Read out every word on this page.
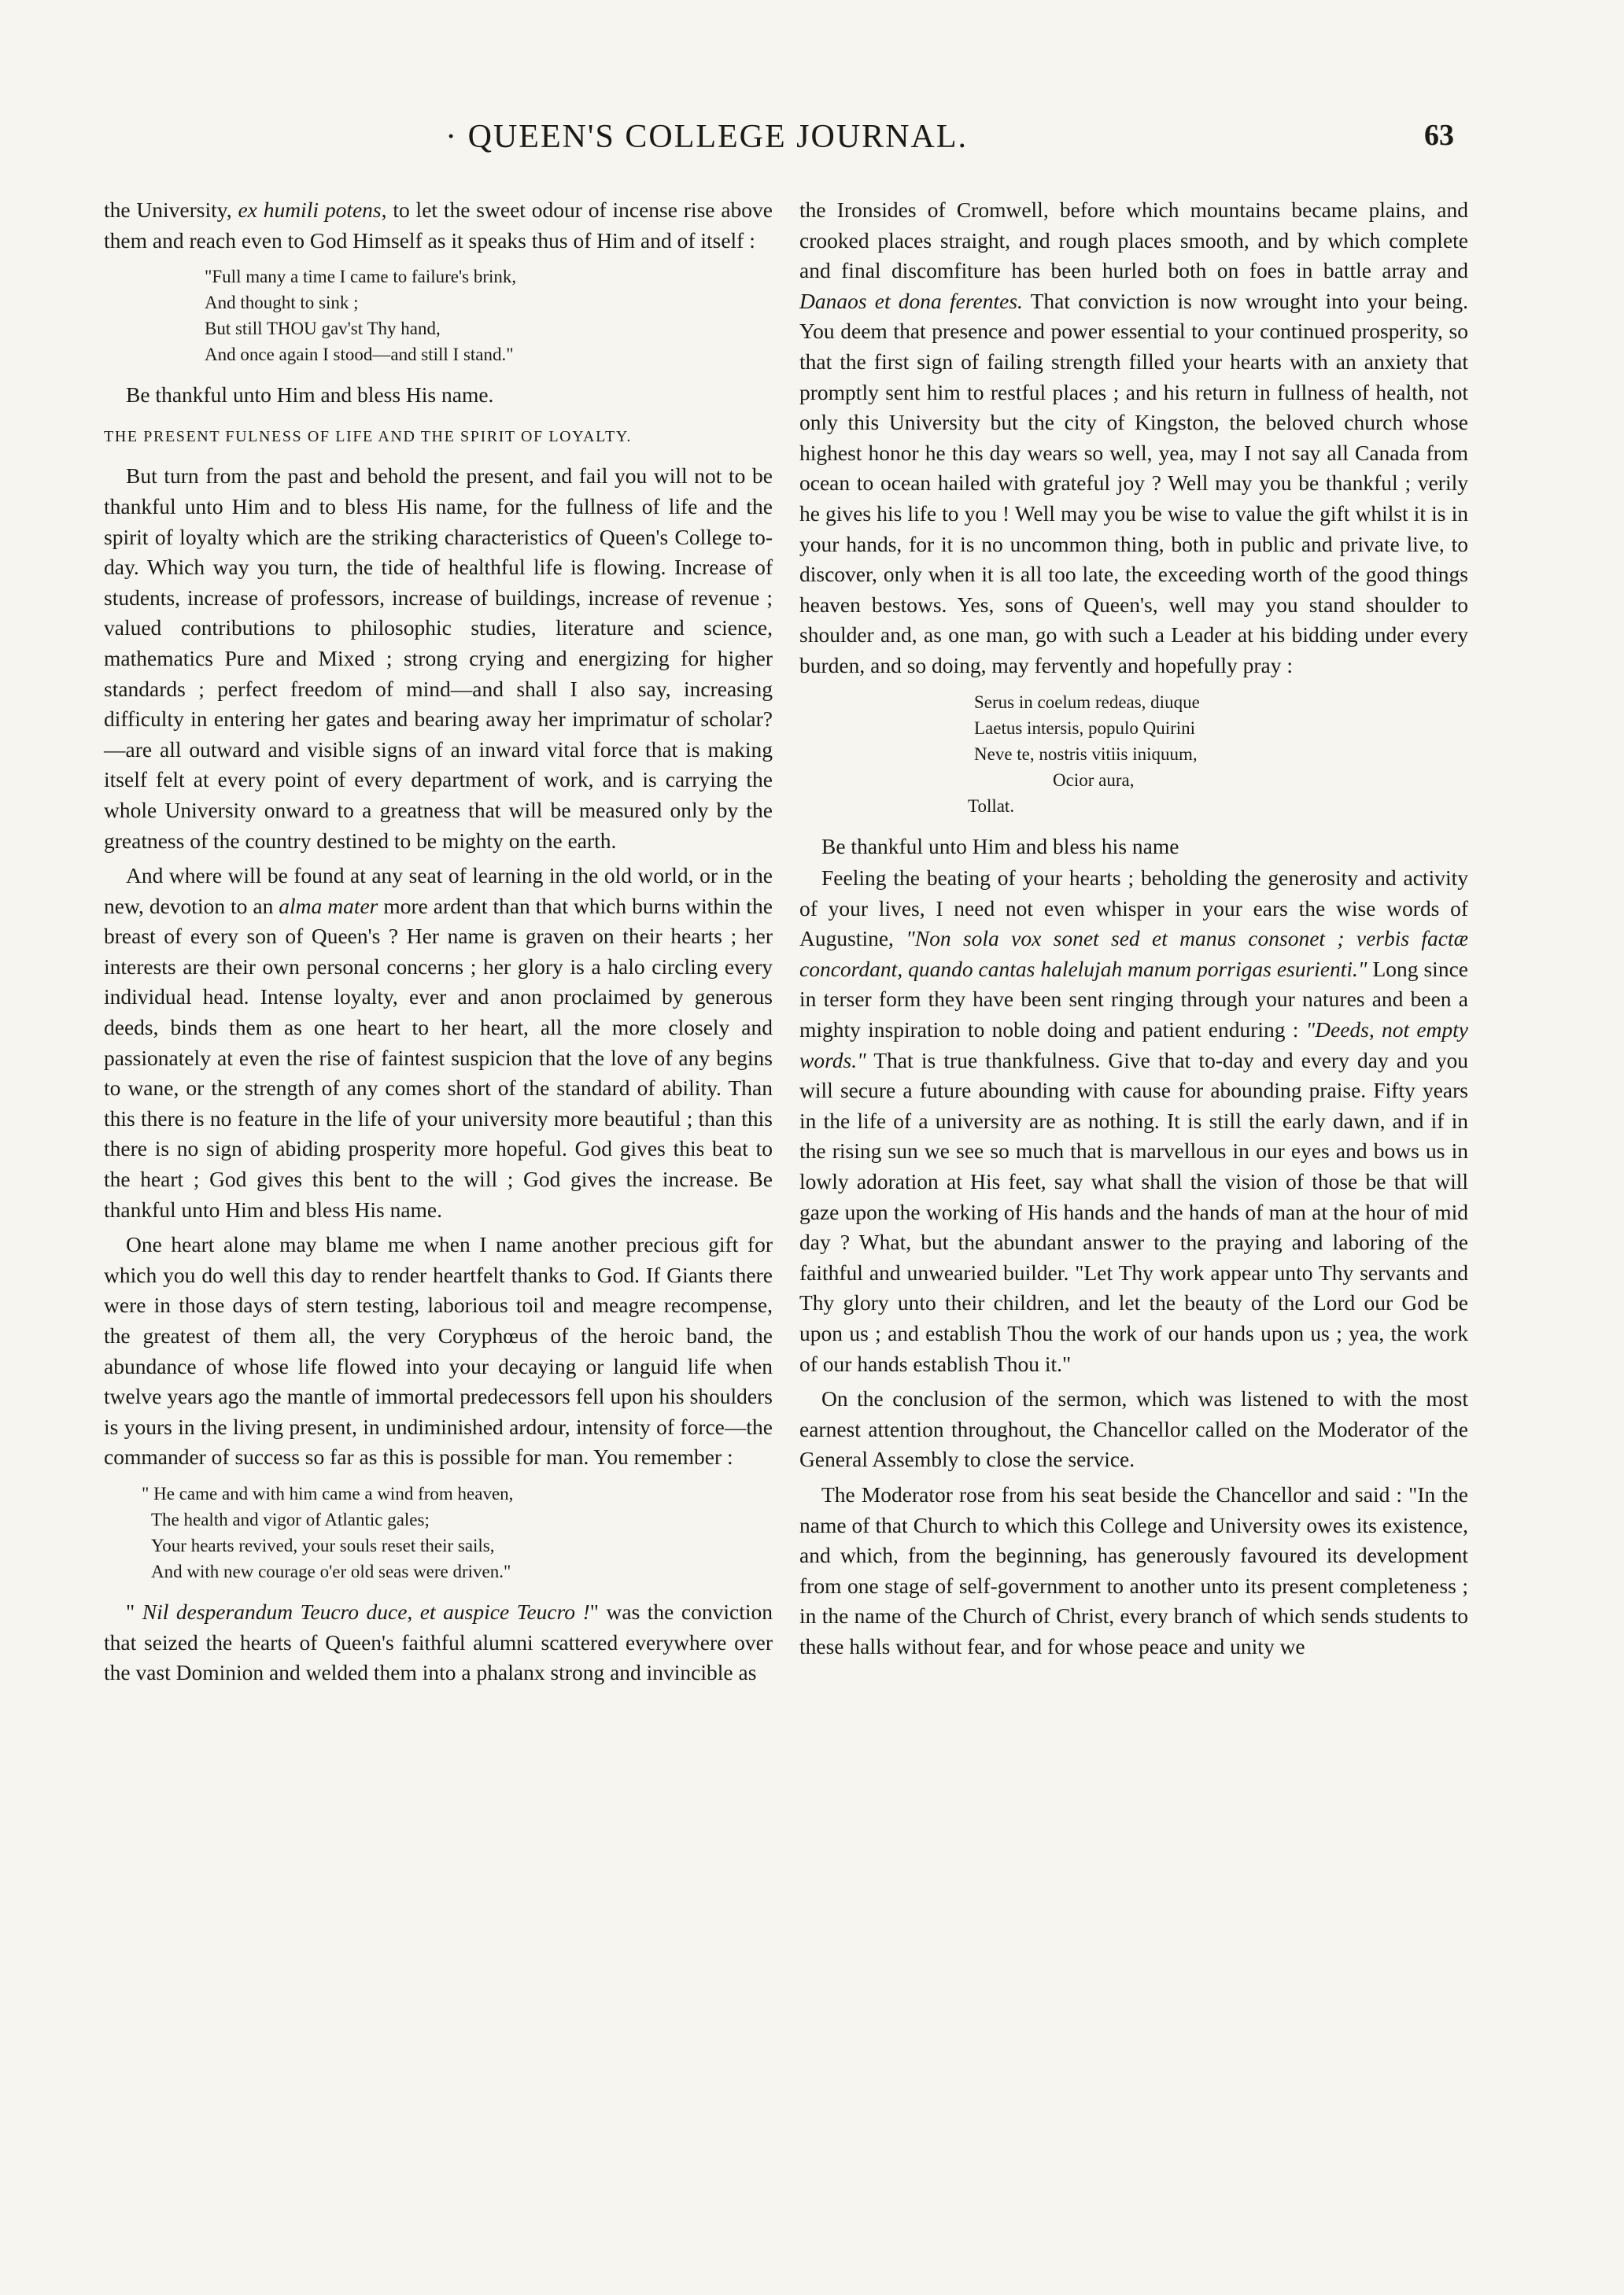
· QUEEN'S COLLEGE JOURNAL.	63

the University, ex humili potens, to let the sweet odour of incense rise above them and reach even to God Himself as it speaks thus of Him and of itself :

"Full many a time I came to failure's brink,
And thought to sink ;
But still THOU gav'st Thy hand,
And once again I stood—and still I stand."

Be thankful unto Him and bless His name.

THE PRESENT FULNESS OF LIFE AND THE SPIRIT OF LOYALTY.

But turn from the past and behold the present, and fail you will not to be thankful unto Him and to bless His name, for the fullness of life and the spirit of loyalty which are the striking characteristics of Queen's College to-day. Which way you turn, the tide of healthful life is flowing. Increase of students, increase of professors, increase of buildings, increase of revenue ; valued contributions to philosophic studies, literature and science, mathematics Pure and Mixed ; strong crying and energizing for higher standards ; perfect freedom of mind—and shall I also say, increasing difficulty in entering her gates and bearing away her imprimatur of scholar?—are all outward and visible signs of an inward vital force that is making itself felt at every point of every department of work, and is carrying the whole University onward to a greatness that will be measured only by the greatness of the country destined to be mighty on the earth.

And where will be found at any seat of learning in the old world, or in the new, devotion to an alma mater more ardent than that which burns within the breast of every son of Queen's ? Her name is graven on their hearts ; her interests are their own personal concerns ; her glory is a halo circling every individual head. Intense loyalty, ever and anon proclaimed by generous deeds, binds them as one heart to her heart, all the more closely and passionately at even the rise of faintest suspicion that the love of any begins to wane, or the strength of any comes short of the standard of ability. Than this there is no feature in the life of your university more beautiful ; than this there is no sign of abiding prosperity more hopeful. God gives this beat to the heart ; God gives this bent to the will ; God gives the increase. Be thankful unto Him and bless His name.

One heart alone may blame me when I name another precious gift for which you do well this day to render heartfelt thanks to God. If Giants there were in those days of stern testing, laborious toil and meagre recompense, the greatest of them all, the very Coryphœus of the heroic band, the abundance of whose life flowed into your decaying or languid life when twelve years ago the mantle of immortal predecessors fell upon his shoulders is yours in the living present, in undiminished ardour, intensity of force—the commander of success so far as this is possible for man. You remember :

" He came and with him came a wind from heaven,
The health and vigor of Atlantic gales;
Your hearts revived, your souls reset their sails,
And with new courage o'er old seas were driven."

" Nil desperandum Teucro duce, et auspice Teucro !" was the conviction that seized the hearts of Queen's faithful alumni scattered everywhere over the vast Dominion and welded them into a phalanx strong and invincible as

the Ironsides of Cromwell, before which mountains became plains, and crooked places straight, and rough places smooth, and by which complete and final discomfiture has been hurled both on foes in battle array and Danaos et dona ferentes. That conviction is now wrought into your being. You deem that presence and power essential to your continued prosperity, so that the first sign of failing strength filled your hearts with an anxiety that promptly sent him to restful places ; and his return in fullness of health, not only this University but the city of Kingston, the beloved church whose highest honor he this day wears so well, yea, may I not say all Canada from ocean to ocean hailed with grateful joy ? Well may you be thankful ; verily he gives his life to you ! Well may you be wise to value the gift whilst it is in your hands, for it is no uncommon thing, both in public and private live, to discover, only when it is all too late, the exceeding worth of the good things heaven bestows. Yes, sons of Queen's, well may you stand shoulder to shoulder and, as one man, go with such a Leader at his bidding under every burden, and so doing, may fervently and hopefully pray :

Serus in coelum redeas, diuque
Laetus intersis, populo Quirini
Neve te, nostris vitiis iniquum,
Ocior aura,
Tollat.

Be thankful unto Him and bless his name

Feeling the beating of your hearts ; beholding the generosity and activity of your lives, I need not even whisper in your ears the wise words of Augustine, "Non sola vox sonet sed et manus consonet ; verbis factæ concordant, quando cantas halelujah manum porrigas esurienti." Long since in terser form they have been sent ringing through your natures and been a mighty inspiration to noble doing and patient enduring : "Deeds, not empty words." That is true thankfulness. Give that to-day and every day and you will secure a future abounding with cause for abounding praise. Fifty years in the life of a university are as nothing. It is still the early dawn, and if in the rising sun we see so much that is marvellous in our eyes and bows us in lowly adoration at His feet, say what shall the vision of those be that will gaze upon the working of His hands and the hands of man at the hour of mid day ? What, but the abundant answer to the praying and laboring of the faithful and unwearied builder. "Let Thy work appear unto Thy servants and Thy glory unto their children, and let the beauty of the Lord our God be upon us ; and establish Thou the work of our hands upon us ; yea, the work of our hands establish Thou it."

On the conclusion of the sermon, which was listened to with the most earnest attention throughout, the Chancellor called on the Moderator of the General Assembly to close the service.

The Moderator rose from his seat beside the Chancellor and said : "In the name of that Church to which this College and University owes its existence, and which, from the beginning, has generously favoured its development from one stage of self-government to another unto its present completeness ; in the name of the Church of Christ, every branch of which sends students to these halls without fear, and for whose peace and unity we
